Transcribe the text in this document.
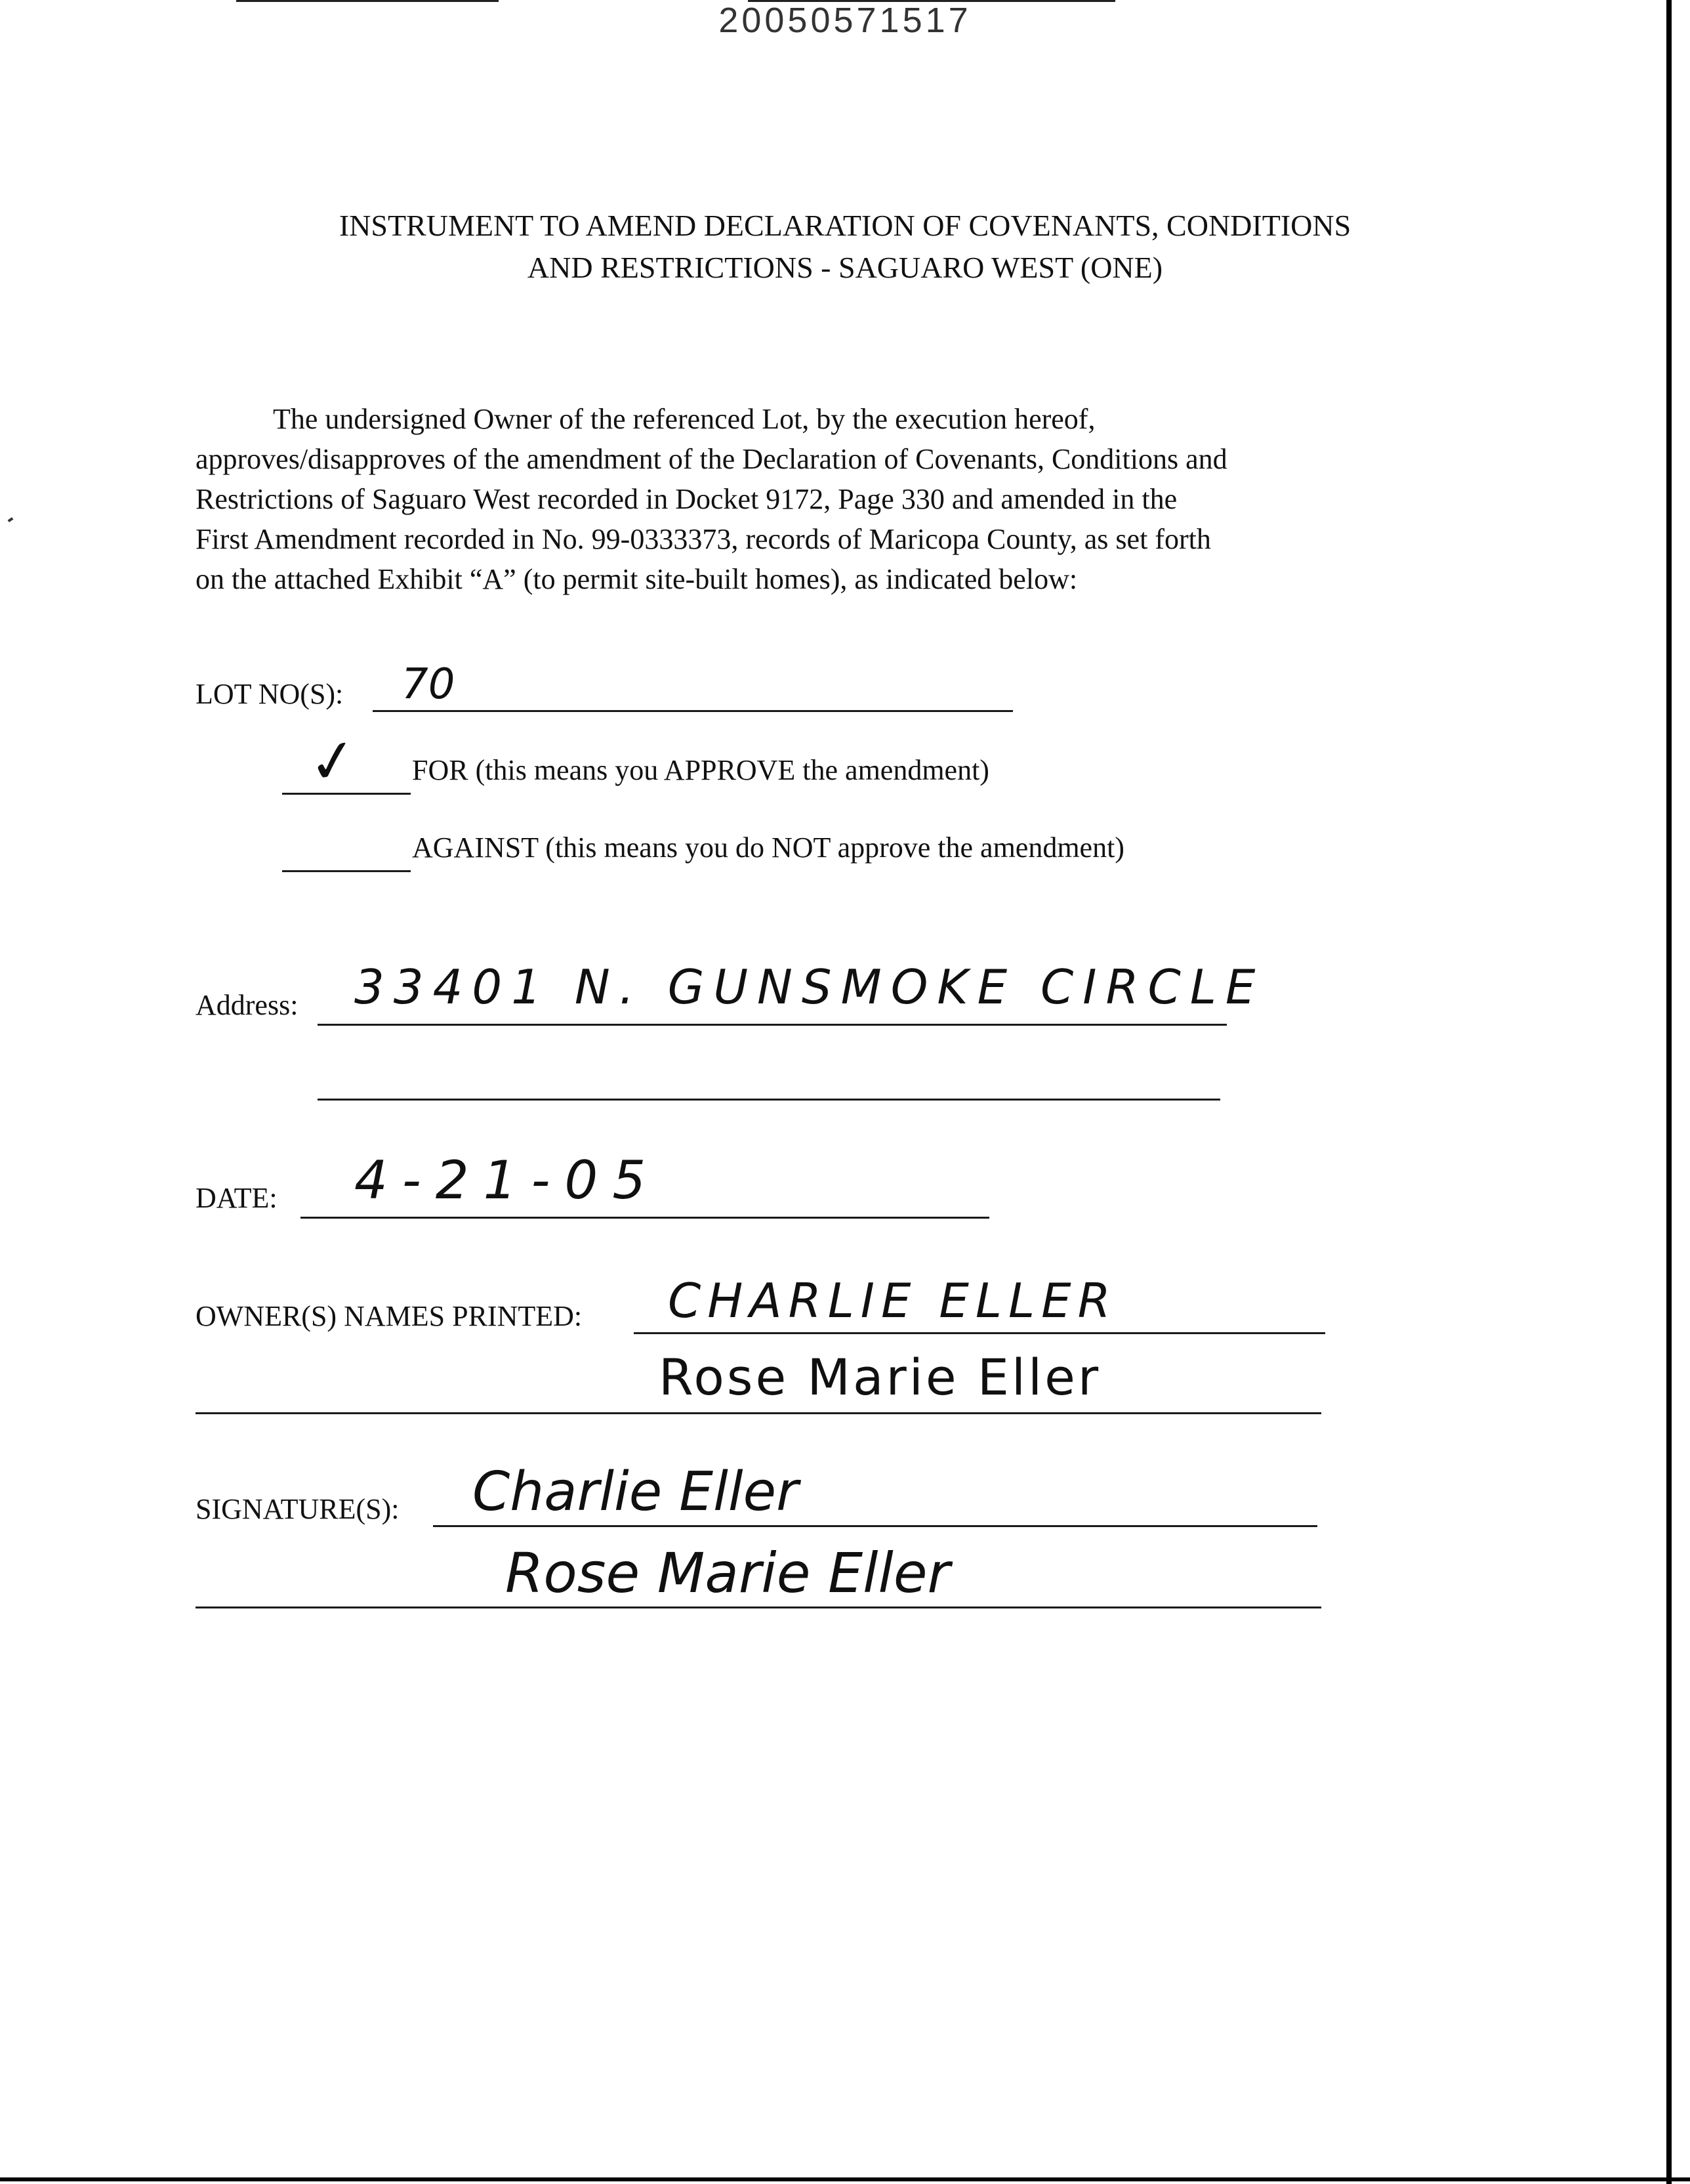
20050571517
INSTRUMENT TO AMEND DECLARATION OF COVENANTS, CONDITIONS
AND RESTRICTIONS - SAGUARO WEST (ONE)
The undersigned Owner of the referenced Lot, by the execution hereof,
approves/disapproves of the amendment of the Declaration of Covenants, Conditions and
Restrictions of Saguaro West recorded in Docket 9172, Page 330 and amended in the
First Amendment recorded in No. 99-0333373, records of Maricopa County, as set forth
on the attached Exhibit “A” (to permit site-built homes), as indicated below:
LOT NO(S): 70
✓ FOR (this means you APPROVE the amendment)
AGAINST (this means you do NOT approve the amendment)
Address: 33401 N. GUNSMOKE CIRCLE
DATE: 4-21-05
OWNER(S) NAMES PRINTED: CHARLIE ELLER
Rose Marie Eller
SIGNATURE(S): Charlie Eller
Rose Marie Eller
